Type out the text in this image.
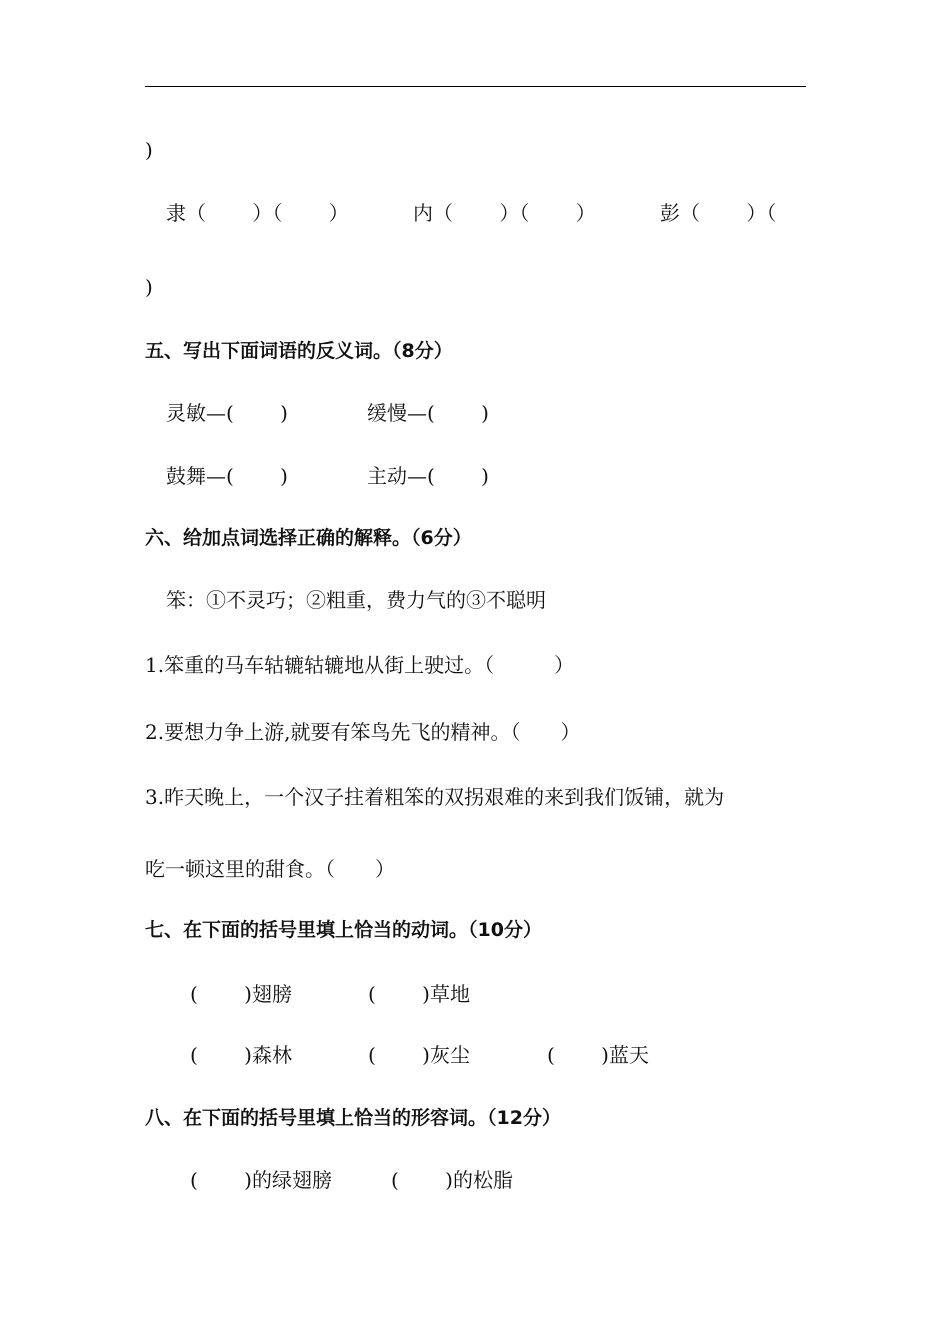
)
隶（　　 ）（　　 ）	内（　　 ）（　　 ）	彭（　　 ）（
)
五、写出下面词语的反义词。（8分）
灵敏—(　　 )	缓慢—(　　 )
鼓舞—(　　 )	主动—(　　 )
六、给加点词选择正确的解释。（6分）
笨：①不灵巧；②粗重，费力气的③不聪明
1.笨重的马车轱辘轱辘地从街上驶过。（　　　）
2.要想力争上游,就要有笨鸟先飞的精神。（　　）
3.昨天晚上，一个汉子拄着粗笨的双拐艰难的来到我们饭铺，就为
吃一顿这里的甜食。（　　）
七、在下面的括号里填上恰当的动词。（10分）
(　　 )翅膀	(　　 )草地
(　　 )森林	(　　 )灰尘	(　　 )蓝天
八、在下面的括号里填上恰当的形容词。（12分）
(　　 )的绿翅膀	(　　 )的松脂
